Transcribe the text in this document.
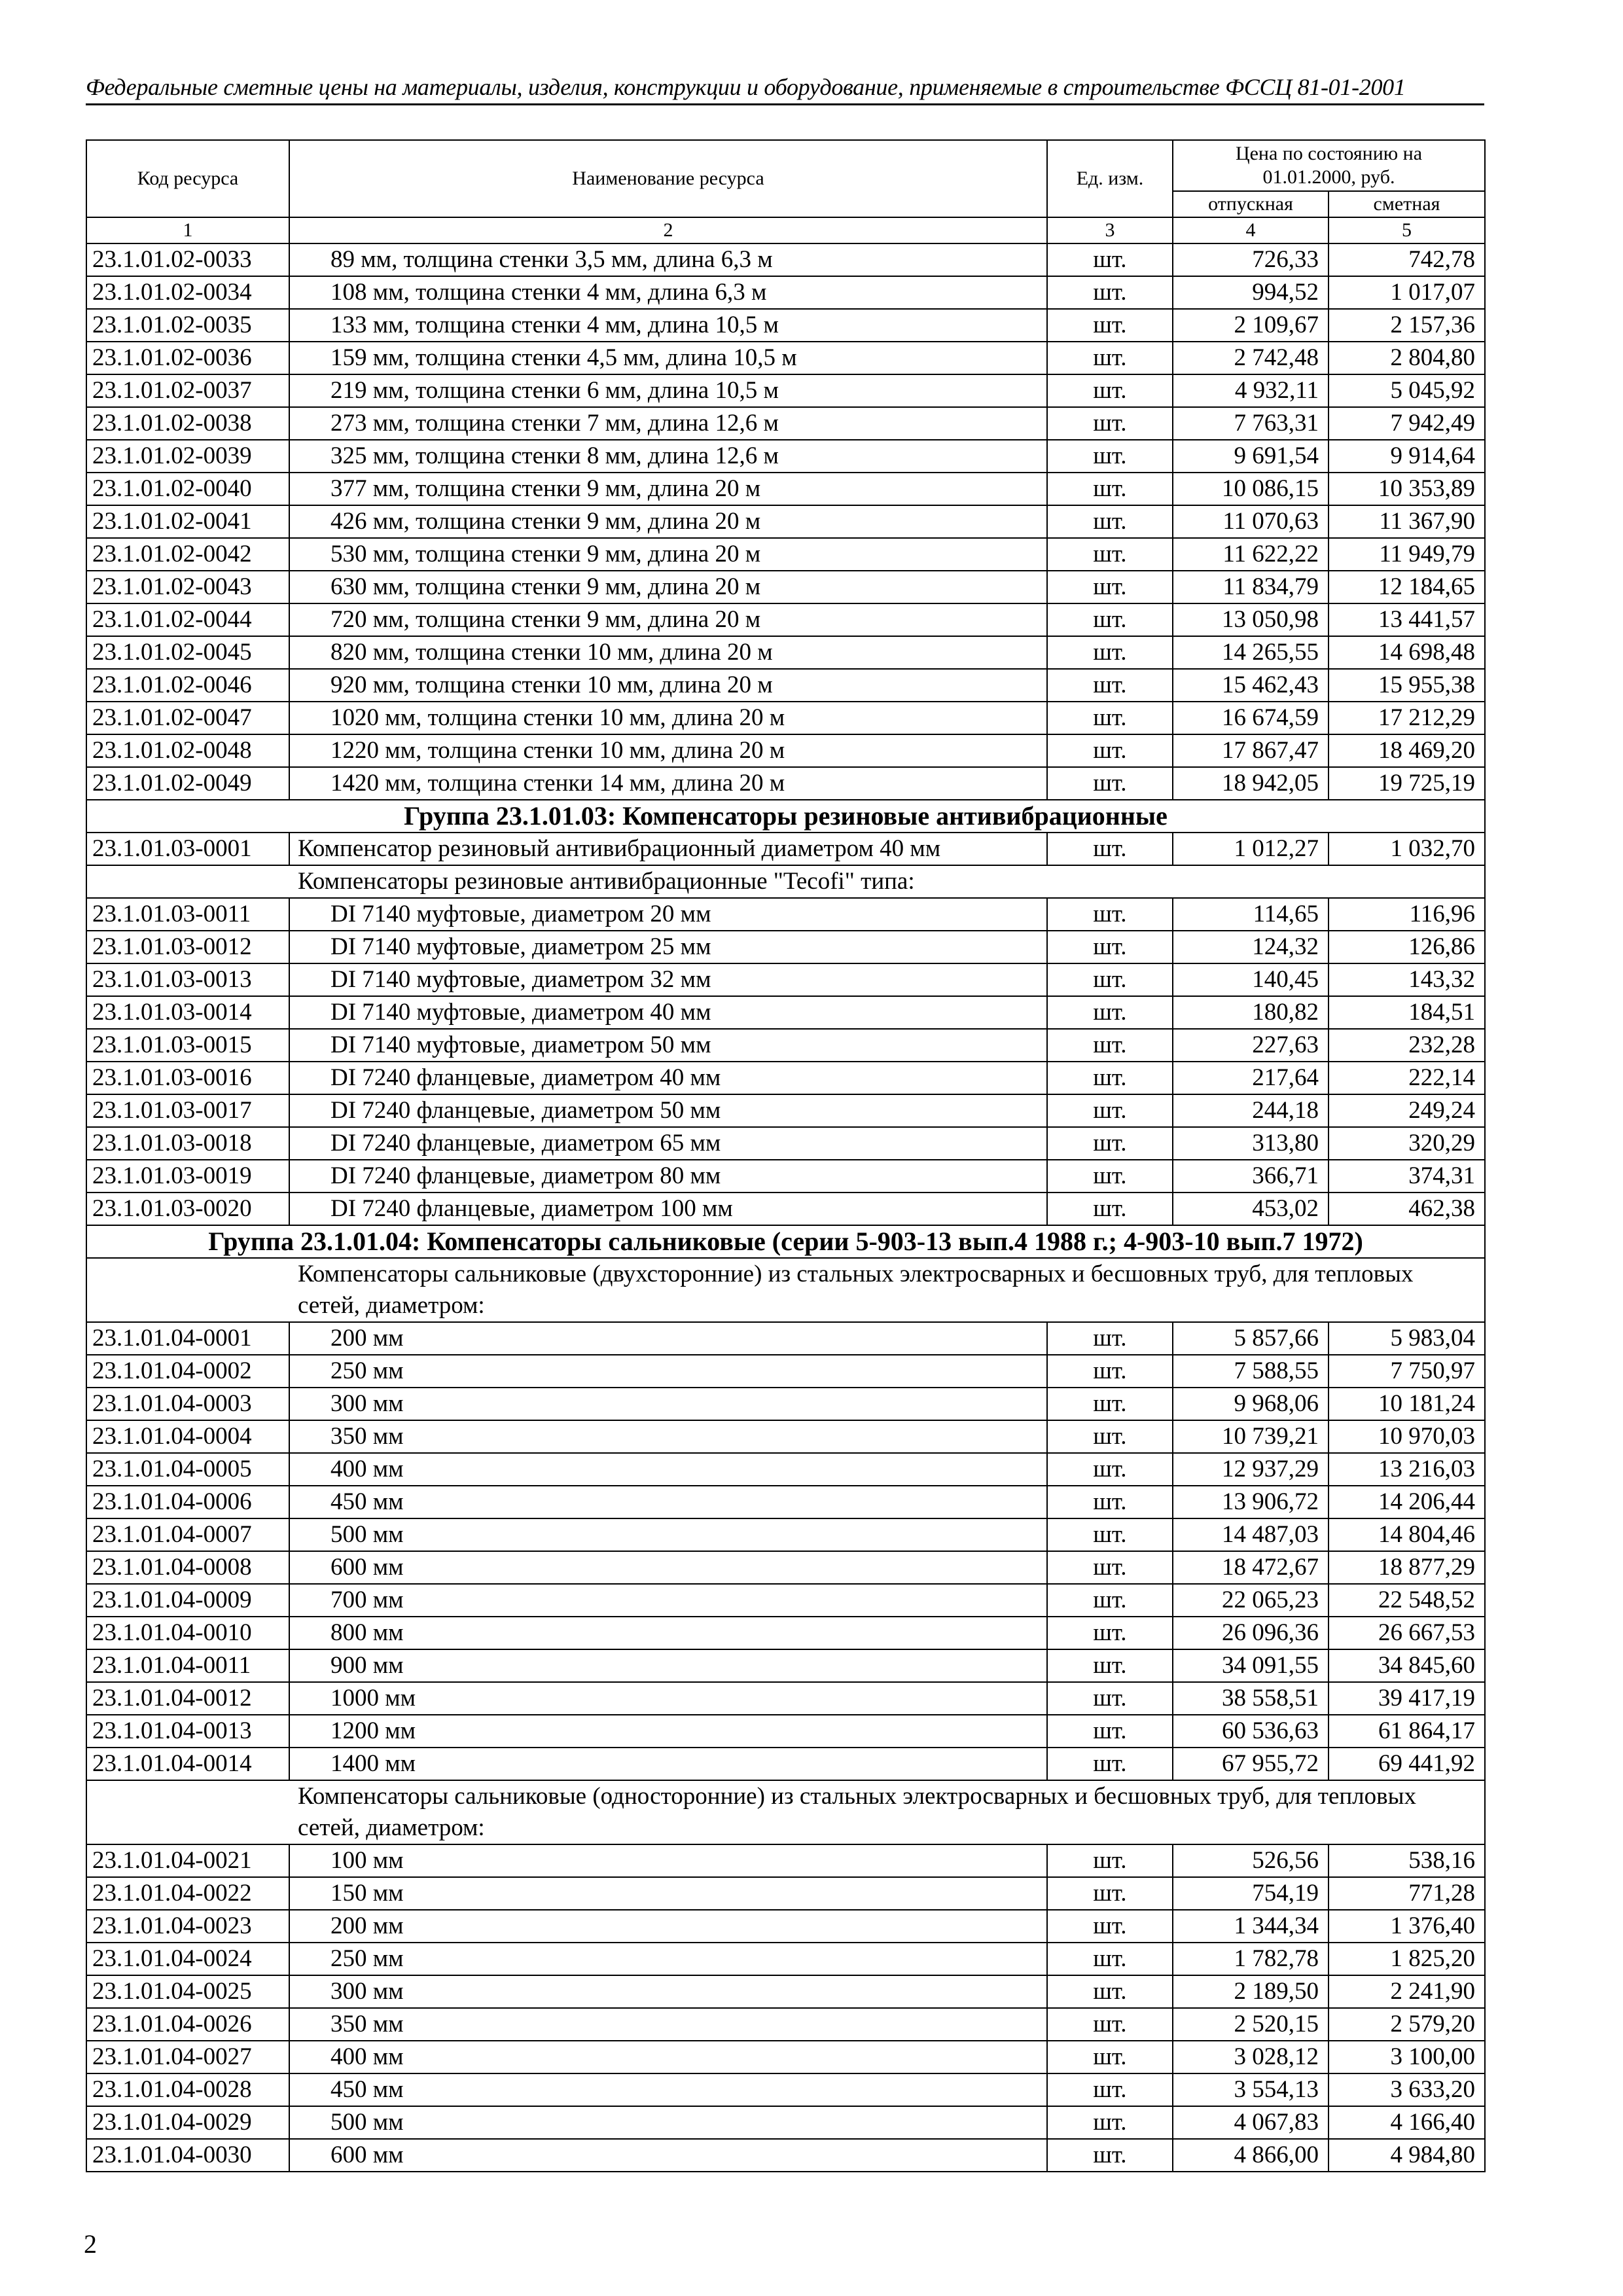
Федеральные сметные цены на материалы, изделия, конструкции и оборудование, применяемые в строительстве ФССЦ 81-01-2001
Код ресурса	Наименование ресурса	Ед. изм.	Цена по состоянию на 01.01.2000, руб.	
			отпускная	сметная
1	2	3	4	5
23.1.01.02-0033	89 мм, толщина стенки 3,5 мм, длина 6,3 м	шт.	726,33	742,78
23.1.01.02-0034	108 мм, толщина стенки 4 мм, длина 6,3 м	шт.	994,52	1 017,07
23.1.01.02-0035	133 мм, толщина стенки 4 мм, длина 10,5 м	шт.	2 109,67	2 157,36
23.1.01.02-0036	159 мм, толщина стенки 4,5 мм, длина 10,5 м	шт.	2 742,48	2 804,80
23.1.01.02-0037	219 мм, толщина стенки 6 мм, длина 10,5 м	шт.	4 932,11	5 045,92
23.1.01.02-0038	273 мм, толщина стенки 7 мм, длина 12,6 м	шт.	7 763,31	7 942,49
23.1.01.02-0039	325 мм, толщина стенки 8 мм, длина 12,6 м	шт.	9 691,54	9 914,64
23.1.01.02-0040	377 мм, толщина стенки 9 мм, длина 20 м	шт.	10 086,15	10 353,89
23.1.01.02-0041	426 мм, толщина стенки 9 мм, длина 20 м	шт.	11 070,63	11 367,90
23.1.01.02-0042	530 мм, толщина стенки 9 мм, длина 20 м	шт.	11 622,22	11 949,79
23.1.01.02-0043	630 мм, толщина стенки 9 мм, длина 20 м	шт.	11 834,79	12 184,65
23.1.01.02-0044	720 мм, толщина стенки 9 мм, длина 20 м	шт.	13 050,98	13 441,57
23.1.01.02-0045	820 мм, толщина стенки 10 мм, длина 20 м	шт.	14 265,55	14 698,48
23.1.01.02-0046	920 мм, толщина стенки 10 мм, длина 20 м	шт.	15 462,43	15 955,38
23.1.01.02-0047	1020 мм, толщина стенки 10 мм, длина 20 м	шт.	16 674,59	17 212,29
23.1.01.02-0048	1220 мм, толщина стенки 10 мм, длина 20 м	шт.	17 867,47	18 469,20
23.1.01.02-0049	1420 мм, толщина стенки 14 мм, длина 20 м	шт.	18 942,05	19 725,19
Группа 23.1.01.03: Компенсаторы резиновые антивибрационные				
23.1.01.03-0001	Компенсатор резиновый антивибрационный диаметром 40 мм	шт.	1 012,27	1 032,70
Компенсаторы резиновые антивибрационные "Tecofi" типа:				
23.1.01.03-0011	DI 7140 муфтовые, диаметром 20 мм	шт.	114,65	116,96
23.1.01.03-0012	DI 7140 муфтовые, диаметром 25 мм	шт.	124,32	126,86
23.1.01.03-0013	DI 7140 муфтовые, диаметром 32 мм	шт.	140,45	143,32
23.1.01.03-0014	DI 7140 муфтовые, диаметром 40 мм	шт.	180,82	184,51
23.1.01.03-0015	DI 7140 муфтовые, диаметром 50 мм	шт.	227,63	232,28
23.1.01.03-0016	DI 7240 фланцевые, диаметром 40 мм	шт.	217,64	222,14
23.1.01.03-0017	DI 7240 фланцевые, диаметром 50 мм	шт.	244,18	249,24
23.1.01.03-0018	DI 7240 фланцевые, диаметром 65 мм	шт.	313,80	320,29
23.1.01.03-0019	DI 7240 фланцевые, диаметром 80 мм	шт.	366,71	374,31
23.1.01.03-0020	DI 7240 фланцевые, диаметром 100 мм	шт.	453,02	462,38
Группа 23.1.01.04: Компенсаторы сальниковые (серии 5-903-13 вып.4 1988 г.; 4-903-10 вып.7 1972)				
Компенсаторы сальниковые (двухсторонние) из стальных электросварных и бесшовных труб, для тепловых сетей, диаметром:				
23.1.01.04-0001	200 мм	шт.	5 857,66	5 983,04
23.1.01.04-0002	250 мм	шт.	7 588,55	7 750,97
23.1.01.04-0003	300 мм	шт.	9 968,06	10 181,24
23.1.01.04-0004	350 мм	шт.	10 739,21	10 970,03
23.1.01.04-0005	400 мм	шт.	12 937,29	13 216,03
23.1.01.04-0006	450 мм	шт.	13 906,72	14 206,44
23.1.01.04-0007	500 мм	шт.	14 487,03	14 804,46
23.1.01.04-0008	600 мм	шт.	18 472,67	18 877,29
23.1.01.04-0009	700 мм	шт.	22 065,23	22 548,52
23.1.01.04-0010	800 мм	шт.	26 096,36	26 667,53
23.1.01.04-0011	900 мм	шт.	34 091,55	34 845,60
23.1.01.04-0012	1000 мм	шт.	38 558,51	39 417,19
23.1.01.04-0013	1200 мм	шт.	60 536,63	61 864,17
23.1.01.04-0014	1400 мм	шт.	67 955,72	69 441,92
Компенсаторы сальниковые (односторонние) из стальных электросварных и бесшовных труб, для тепловых сетей, диаметром:				
23.1.01.04-0021	100 мм	шт.	526,56	538,16
23.1.01.04-0022	150 мм	шт.	754,19	771,28
23.1.01.04-0023	200 мм	шт.	1 344,34	1 376,40
23.1.01.04-0024	250 мм	шт.	1 782,78	1 825,20
23.1.01.04-0025	300 мм	шт.	2 189,50	2 241,90
23.1.01.04-0026	350 мм	шт.	2 520,15	2 579,20
23.1.01.04-0027	400 мм	шт.	3 028,12	3 100,00
23.1.01.04-0028	450 мм	шт.	3 554,13	3 633,20
23.1.01.04-0029	500 мм	шт.	4 067,83	4 166,40
23.1.01.04-0030	600 мм	шт.	4 866,00	4 984,80
2
